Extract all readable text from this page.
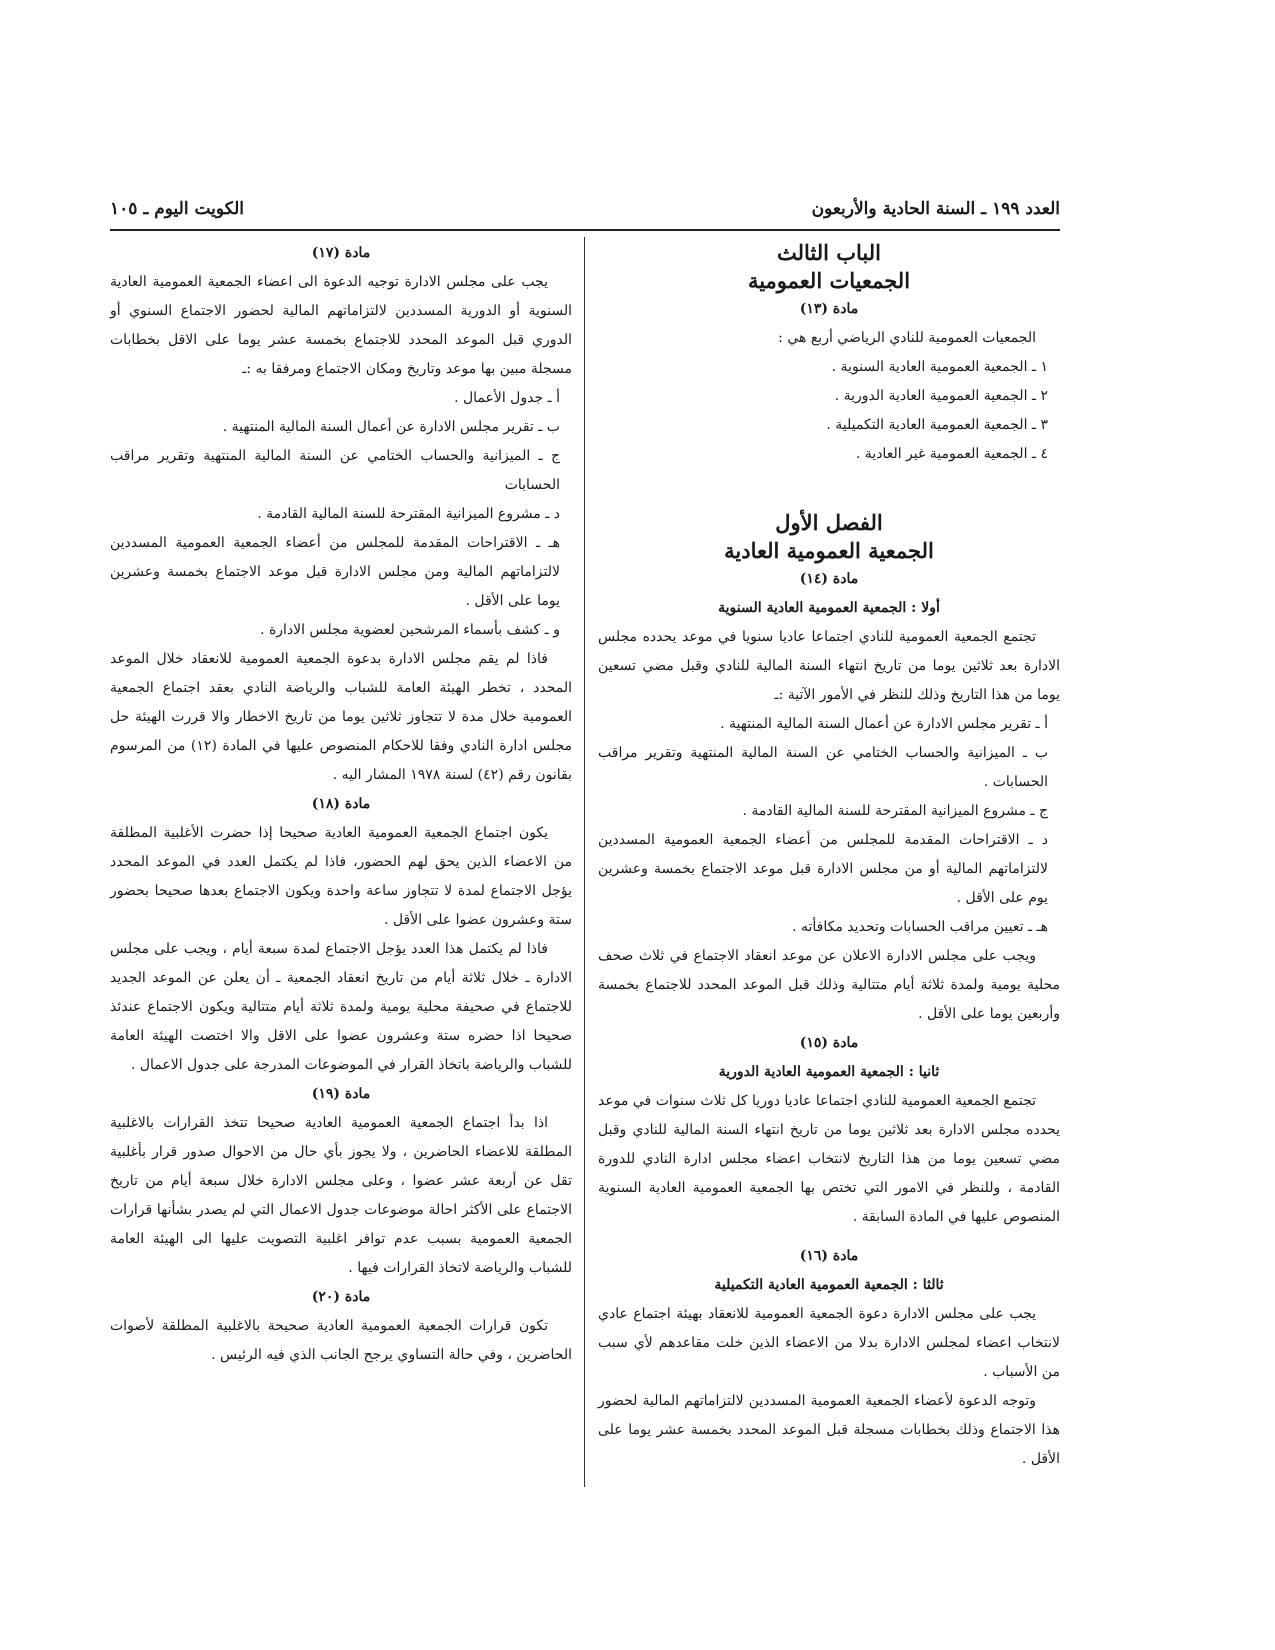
العدد ١٩٩ ـ السنة الحادية والأربعون
الكويت اليوم ـ ١٠٥
الباب الثالث
الجمعيات العمومية
مادة (١٣)

الجمعيات العمومية للنادي الرياضي أربع هي :

١ ـ الجمعية العمومية العادية السنوية .
٢ ـ الجمعية العمومية العادية الدورية .
٣ ـ الجمعية العمومية العادية التكميلية .
٤ ـ الجمعية العمومية غير العادية .
الفصل الأول
الجمعية العمومية العادية
مادة (١٤)
أولا : الجمعية العمومية العادية السنوية

تجتمع الجمعية العمومية للنادي اجتماعا عاديا سنويا في موعد يحدده مجلس الادارة بعد ثلاثين يوما من تاريخ انتهاء السنة المالية للنادي وقبل مضي تسعين يوما من هذا التاريخ وذلك للنظر في الأمور الآتية :ـ

أ ـ تقرير مجلس الادارة عن أعمال السنة المالية المنتهية .
ب ـ الميزانية والحساب الختامي عن السنة المالية المنتهية وتقرير مراقب الحسابات .
ج ـ مشروع الميزانية المقترحة للسنة المالية القادمة .
د ـ الاقتراحات المقدمة للمجلس من أعضاء الجمعية العمومية المسددين لالتزاماتهم المالية أو من مجلس الادارة قبل موعد الاجتماع بخمسة وعشرين يوم على الأقل .
هـ ـ تعيين مراقب الحسابات وتحديد مكافأته .

ويجب على مجلس الادارة الاعلان عن موعد انعقاد الاجتماع في ثلاث صحف محلية يومية ولمدة ثلاثة أيام متتالية وذلك قبل الموعد المحدد للاجتماع بخمسة وأربعين يوما على الأقل .

مادة (١٥)
ثانيا : الجمعية العمومية العادية الدورية

تجتمع الجمعية العمومية للنادي اجتماعا عاديا دوريا كل ثلاث سنوات في موعد يحدده مجلس الادارة بعد ثلاثين يوما من تاريخ انتهاء السنة المالية للنادي وقبل مضي تسعين يوما من هذا التاريخ لانتخاب اعضاء مجلس ادارة النادي للدورة القادمة ، وللنظر في الامور التي تختص بها الجمعية العمومية العادية السنوية المنصوص عليها في المادة السابقة .

مادة (١٦)
ثالثا : الجمعية العمومية العادية التكميلية

يجب على مجلس الادارة دعوة الجمعية العمومية للانعقاد بهيئة اجتماع عادي لانتخاب اعضاء لمجلس الادارة بدلا من الاعضاء الذين خلت مقاعدهم لأي سبب من الأسباب .

وتوجه الدعوة لأعضاء الجمعية العمومية المسددين لالتزاماتهم المالية لحضور هذا الاجتماع وذلك بخطابات مسجلة قبل الموعد المحدد بخمسة عشر يوما على الأقل .

مادة (١٧)

يجب على مجلس الادارة توجيه الدعوة الى اعضاء الجمعية العمومية العادية السنوية أو الدورية المسددين لالتزاماتهم المالية لحضور الاجتماع السنوي أو الدوري قبل الموعد المحدد للاجتماع بخمسة عشر يوما على الاقل بخطابات مسجلة مبين بها موعد وتاريخ ومكان الاجتماع ومرفقا به :ـ

أ ـ جدول الأعمال .
ب ـ تقرير مجلس الادارة عن أعمال السنة المالية المنتهية .
ج ـ الميزانية والحساب الختامي عن السنة المالية المنتهية وتقرير مراقب الحسابات
د ـ مشروع الميزانية المقترحة للسنة المالية القادمة .
هـ ـ الاقتراحات المقدمة للمجلس من أعضاء الجمعية العمومية المسددين لالتزاماتهم المالية ومن مجلس الادارة قبل موعد الاجتماع بخمسة وعشرين يوما على الأقل .
و ـ كشف بأسماء المرشحين لعضوية مجلس الادارة .

فاذا لم يقم مجلس الادارة بدعوة الجمعية العمومية للانعقاد خلال الموعد المحدد ، تخطر الهيئة العامة للشباب والرياضة النادي بعقد اجتماع الجمعية العمومية خلال مدة لا تتجاوز ثلاثين يوما من تاريخ الاخطار والا قررت الهيئة حل مجلس ادارة النادي وفقا للاحكام المنصوص عليها في المادة (١٢) من المرسوم بقانون رقم (٤٢) لسنة ١٩٧٨ المشار اليه .

مادة (١٨)

يكون اجتماع الجمعية العمومية العادية صحيحا إذا حضرت الأغلبية المطلقة من الاعضاء الذين يحق لهم الحضور، فاذا لم يكتمل العدد في الموعد المحدد يؤجل الاجتماع لمدة لا تتجاوز ساعة واحدة ويكون الاجتماع بعدها صحيحا بحضور ستة وعشرون عضوا على الأقل .

فاذا لم يكتمل هذا العدد يؤجل الاجتماع لمدة سبعة أيام ، ويجب على مجلس الادارة ـ خلال ثلاثة أيام من تاريخ انعقاد الجمعية ـ أن يعلن عن الموعد الجديد للاجتماع في صحيفة محلية يومية ولمدة ثلاثة أيام متتالية ويكون الاجتماع عندئذ صحيحا اذا حضره ستة وعشرون عضوا على الاقل والا اختصت الهيئة العامة للشباب والرياضة باتخاذ القرار في الموضوعات المدرجة على جدول الاعمال .

مادة (١٩)

اذا بدأ اجتماع الجمعية العمومية العادية صحيحا تتخذ القرارات بالاغلبية المطلقة للاعضاء الحاضرين ، ولا يجوز بأي حال من الاحوال صدور قرار بأغلبية تقل عن أربعة عشر عضوا ، وعلى مجلس الادارة خلال سبعة أيام من تاريخ الاجتماع على الأكثر احالة موضوعات جدول الاعمال التي لم يصدر بشأنها قرارات الجمعية العمومية بسبب عدم توافر اغلبية التصويت عليها الى الهيئة العامة للشباب والرياضة لاتخاذ القرارات فيها .

مادة (٢٠)

تكون قرارات الجمعية العمومية العادية صحيحة بالاغلبية المطلقة لأصوات الحاضرين ، وفي حالة التساوي يرجح الجانب الذي فيه الرئيس .
